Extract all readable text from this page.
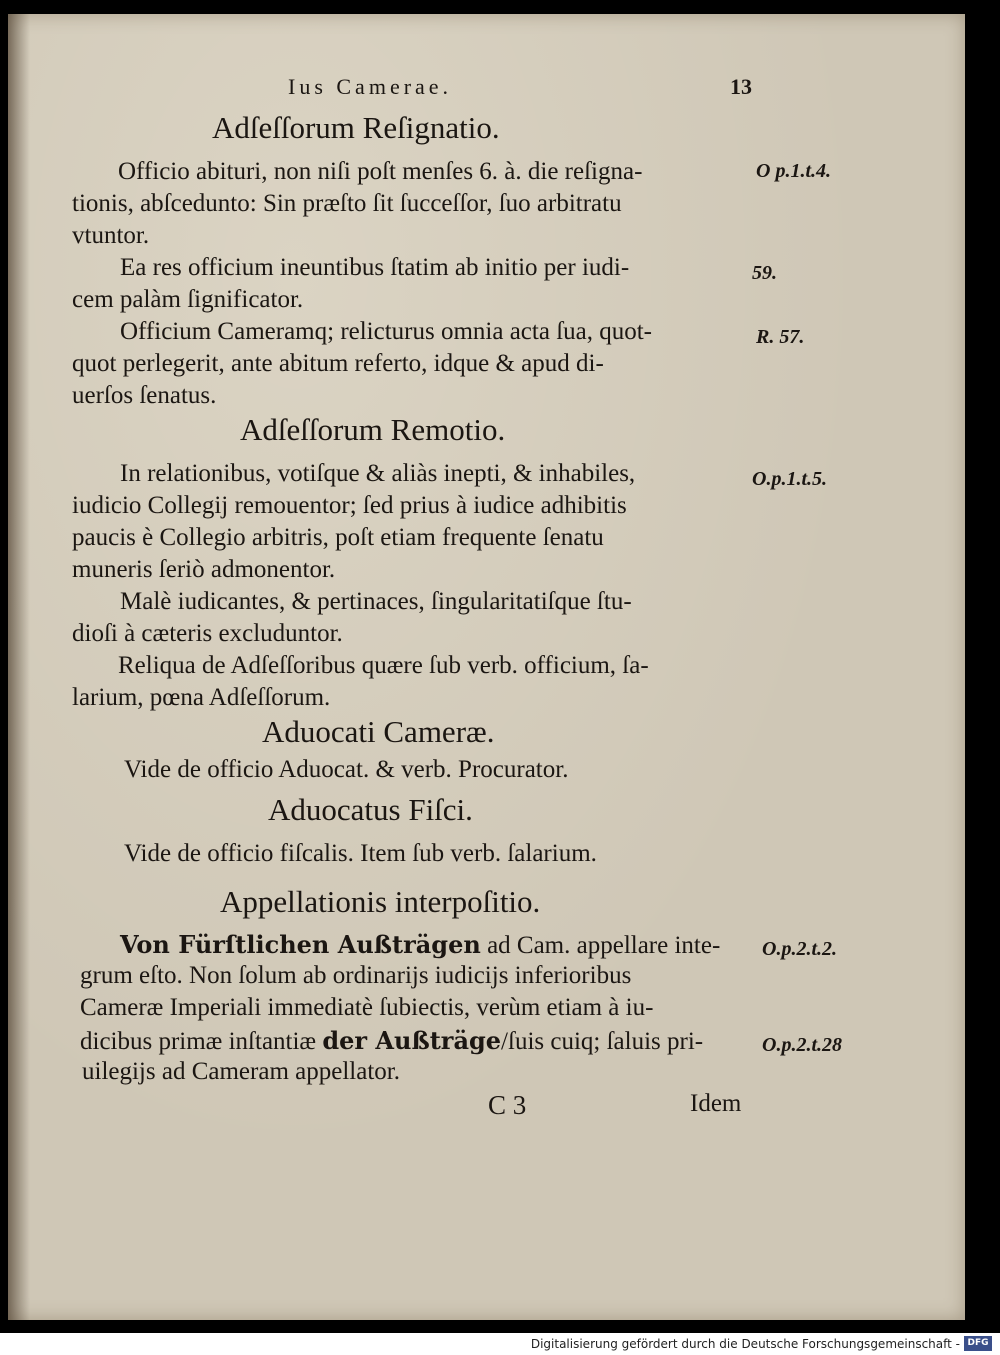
Ius Camerae.	13
Adſeſſorum Reſignatio.
Officio abituri, non niſi poſt menſes 6. à. die reſigna-
tionis, abſcedunto: Sin præſto ſit ſucceſſor, ſuo arbitratu
vtuntor.
Ea res officium ineuntibus ſtatim ab initio per iudi-
cem palàm ſignificator.
Officium Cameramq; relicturus omnia acta ſua, quot-
quot perlegerit, ante abitum referto, idque & apud di-
uerſos ſenatus.
Adſeſſorum Remotio.
In relationibus, votiſque & aliàs inepti, & inhabiles,
iudicio Collegij remouentor; ſed prius à iudice adhibitis
paucis è Collegio arbitris, poſt etiam frequente ſenatu
muneris ſeriò admonentor.
Malè iudicantes, & pertinaces, ſingularitatiſque ſtu-
dioſi à cæteris excluduntor.
Reliqua de Adſeſſoribus quære ſub verb. officium, ſa-
larium, pœna Adſeſſorum.
Aduocati Cameræ.
Vide de officio Aduocat. & verb. Procurator.
Aduocatus Fiſci.
Vide de officio fiſcalis. Item ſub verb. ſalarium.
Appellationis interpoſitio.
Von Fürſtlichen Außträgen ad Cam. appellare inte-
grum eſto. Non ſolum ab ordinarijs iudicijs inferioribus
Cameræ Imperiali immediatè ſubiectis, verùm etiam à iu-
dicibus primæ inſtantiæ der Außträge/ſuis cuiq; ſaluis pri-
uilegijs ad Cameram appellator.
O p.1.t.4.
59.
R. 57.
O.p.1.t.5.
O.p.2.t.2.
O.p.2.t.28
C 3	Idem
Digitalisierung gefördert durch die Deutsche Forschungsgemeinschaft - DFG
